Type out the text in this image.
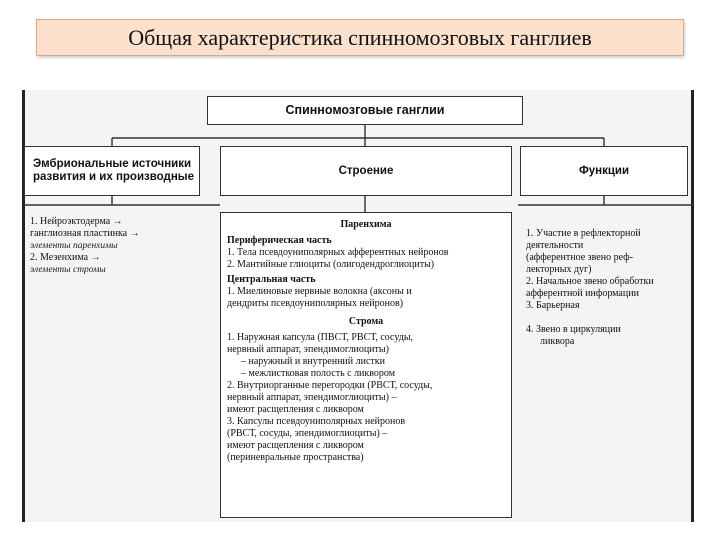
Общая характеристика спинномозговых ганглиев
Спинномозговые ганглии
Эмбриональные источники развития и их производные
Строение	Функции
1. Нейроэктодерма →
ганглиозная пластинка →
элементы паренхимы
2. Мезенхима →
элементы стромы
Паренхима
Периферическая часть
1. Тела псевдоуниполярных афферентных нейронов
2. Мантийные глиоциты (олигодендроглиоциты)
Центральная часть
1. Миелиновые нервные волокна (аксоны и
дендриты псевдоуниполярных нейронов)
Строма
1. Наружная капсула (ПВСТ, РВСТ, сосуды,
нервный аппарат, эпендимоглиоциты)
– наружный и внутренний листки
– межлистковая полость с ликвором
2. Внутриорганные перегородки (РВСТ, сосуды,
нервный аппарат, эпендимоглиоциты) –
имеют расщепления с ликвором
3. Капсулы псевдоуниполярных нейронов
(РВСТ, сосуды, эпендимоглиоциты) –
имеют расщепления с ликвором
(периневральные пространства)
1. Участие в рефлекторной
деятельности
(афферентное звено реф-
лекторных дуг)
2. Начальное звено обработки
афферентной информации
3. Барьерная
4. Звено в циркуляции
ликвора
